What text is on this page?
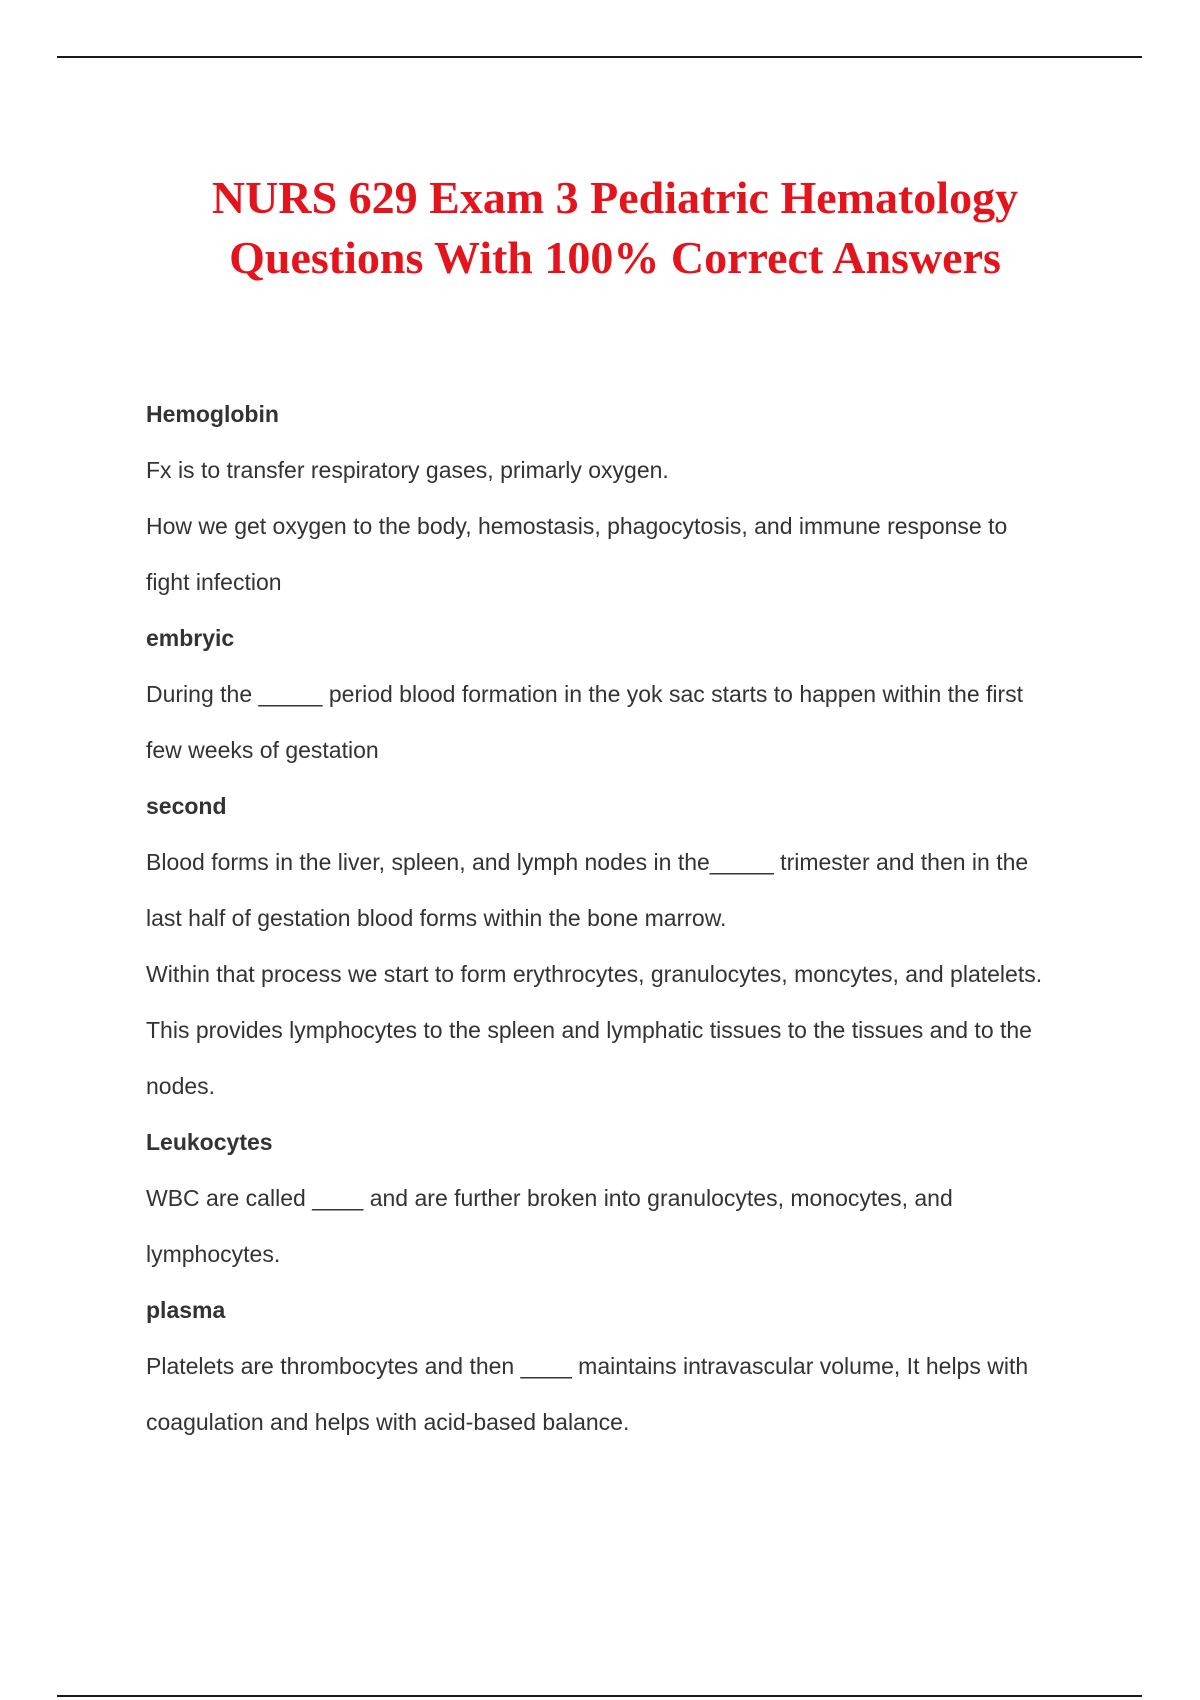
NURS 629 Exam 3 Pediatric Hematology
Questions With 100% Correct Answers

Hemoglobin

Fx is to transfer respiratory gases, primarly oxygen.

How we get oxygen to the body, hemostasis, phagocytosis, and immune response to

fight infection

embryic

During the _____ period blood formation in the yok sac starts to happen within the first

few weeks of gestation

second

Blood forms in the liver, spleen, and lymph nodes in the_____ trimester and then in the

last half of gestation blood forms within the bone marrow.

Within that process we start to form erythrocytes, granulocytes, moncytes, and platelets.

This provides lymphocytes to the spleen and lymphatic tissues to the tissues and to the

nodes.

Leukocytes

WBC are called ____ and are further broken into granulocytes, monocytes, and

lymphocytes.

plasma

Platelets are thrombocytes and then ____ maintains intravascular volume, It helps with

coagulation and helps with acid-based balance.
